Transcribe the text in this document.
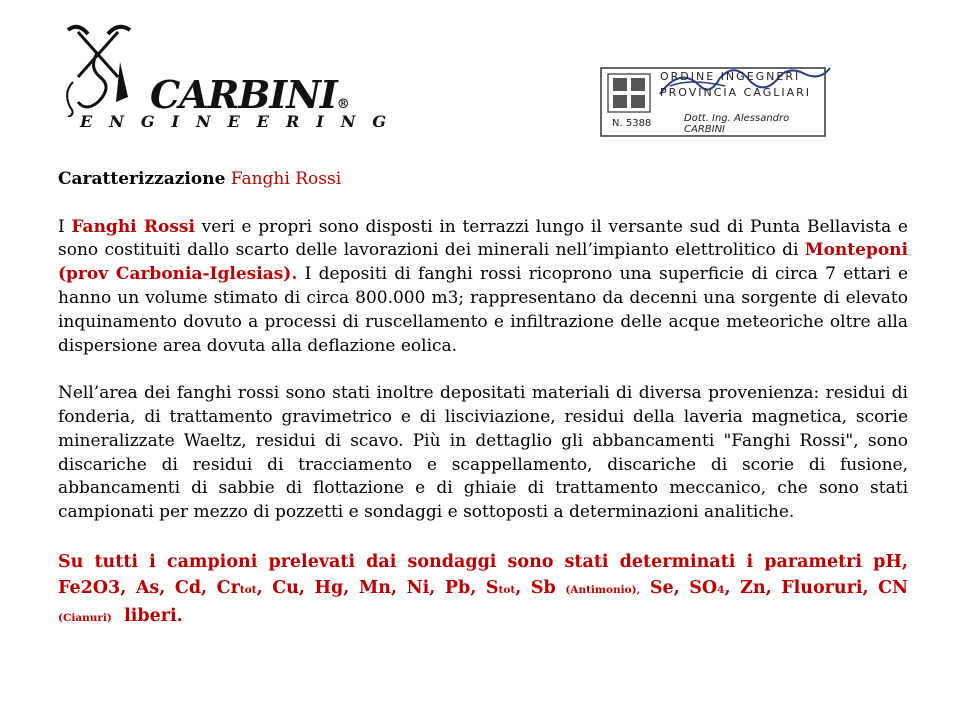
CARBINI®
ENGINEERING
ORDINE INGEGNERI
PROVINCIA CAGLIARI
N. 5388	Dott. Ing. Alessandro CARBINI

Caratterizzazione Fanghi Rossi

I Fanghi Rossi veri e propri sono disposti in terrazzi lungo il versante sud di Punta Bellavista e sono costituiti dallo scarto delle lavorazioni dei minerali nell’impianto elettrolitico di Monteponi (prov Carbonia-Iglesias). I depositi di fanghi rossi ricoprono una superficie di circa 7 ettari e hanno un volume stimato di circa 800.000 m3; rappresentano da decenni una sorgente di elevato inquinamento dovuto a processi di ruscellamento e infiltrazione delle acque meteoriche oltre alla dispersione area dovuta alla deflazione eolica.

Nell’area dei fanghi rossi sono stati inoltre depositati materiali di diversa provenienza: residui di fonderia, di trattamento gravimetrico e di lisciviazione, residui della laveria magnetica, scorie mineralizzate Waeltz, residui di scavo. Più in dettaglio gli abbancamenti "Fanghi Rossi", sono discariche di residui di tracciamento e scappellamento, discariche di scorie di fusione, abbancamenti di sabbie di flottazione e di ghiaie di trattamento meccanico, che sono stati campionati per mezzo di pozzetti e sondaggi e sottoposti a determinazioni analitiche.

Su tutti i campioni prelevati dai sondaggi sono stati determinati i parametri pH, Fe2O3, As, Cd, Crtot, Cu, Hg, Mn, Ni, Pb, Stot, Sb (Antimonio), Se, SO4, Zn, Fluoruri, CN (Cianuri) liberi.
